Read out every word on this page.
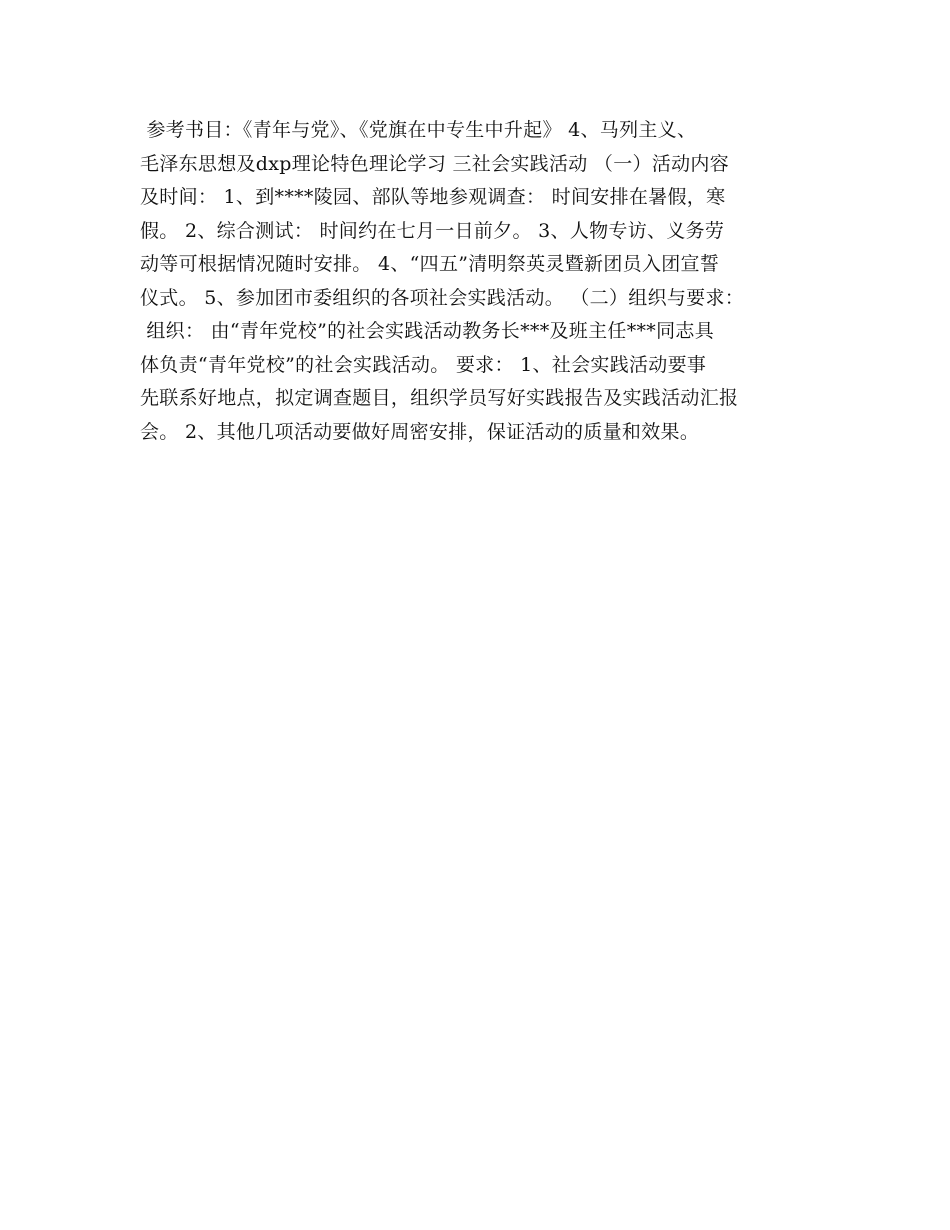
参考书目：《青年与党》、《党旗在中专生中升起》 4、马列主义、
毛泽东思想及dxp理论特色理论学习 三社会实践活动 （一）活动内容
及时间： 1、到****陵园、部队等地参观调查： 时间安排在暑假，寒
假。 2、综合测试： 时间约在七月一日前夕。 3、人物专访、义务劳
动等可根据情况随时安排。 4、“四五”清明祭英灵暨新团员入团宣誓
仪式。 5、参加团市委组织的各项社会实践活动。 （二）组织与要求：
组织： 由“青年党校”的社会实践活动教务长***及班主任***同志具
体负责“青年党校”的社会实践活动。 要求： 1、社会实践活动要事
先联系好地点，拟定调查题目，组织学员写好实践报告及实践活动汇报
会。 2、其他几项活动要做好周密安排，保证活动的质量和效果。
